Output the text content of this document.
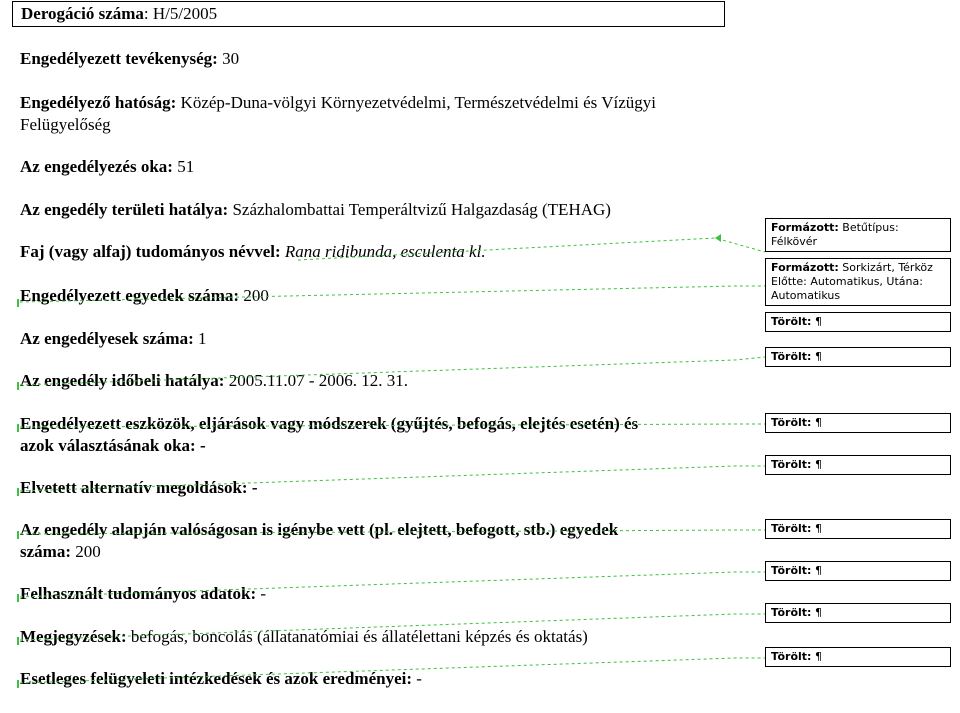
Derogáció száma: H/5/2005
Engedélyezett tevékenység: 30
Engedélyező hatóság: Közép-Duna-völgyi Környezetvédelmi, Természetvédelmi és Vízügyi
Felügyelőség
Az engedélyezés oka: 51
Az engedély területi hatálya: Százhalombattai Temperáltvizű Halgazdaság (TEHAG)
Faj (vagy alfaj) tudományos névvel: Rana ridibunda, esculenta kl.
Engedélyezett egyedek száma: 200
Az engedélyesek száma: 1
Az engedély időbeli hatálya: 2005.11.07 - 2006. 12. 31.
Engedélyezett eszközök, eljárások vagy módszerek (gyűjtés, befogás, elejtés esetén) és
azok választásának oka: -
Elvetett alternatív megoldások: -
Az engedély alapján valóságosan is igénybe vett (pl. elejtett, befogott, stb.) egyedek
száma: 200
Felhasznált tudományos adatok: -
Megjegyzések: befogás, boncolás (állatanatómiai és állatélettani képzés és oktatás)
Esetleges felügyeleti intézkedések és azok eredményei: -
Formázott: Betűtípus: Félkövér
Formázott: Sorkizárt, Térköz Előtte: Automatikus, Utána: Automatikus
Törölt: ¶
Törölt: ¶
Törölt: ¶
Törölt: ¶
Törölt: ¶
Törölt: ¶
Törölt: ¶
Törölt: ¶
